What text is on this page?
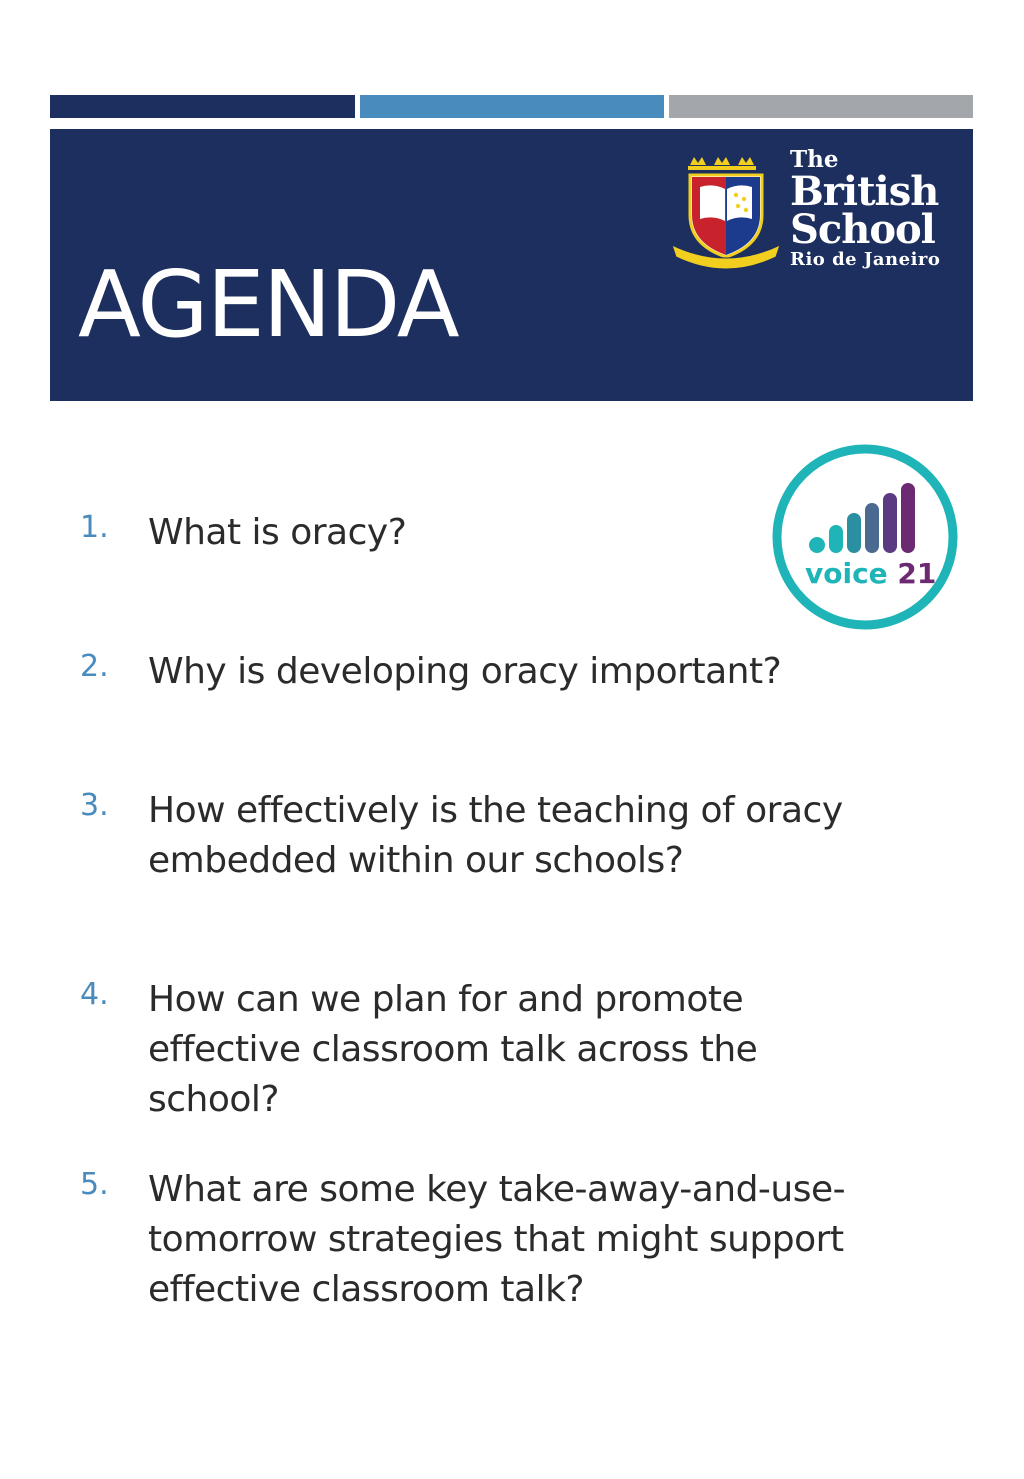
AGENDA
The
British
School
Rio de Janeiro
voice 21
1. What is oracy?
2. Why is developing oracy important?
3. How effectively is the teaching of oracy embedded within our schools?
4. How can we plan for and promote effective classroom talk across the school?
5. What are some key take-away-and-use-tomorrow strategies that might support effective classroom talk?
